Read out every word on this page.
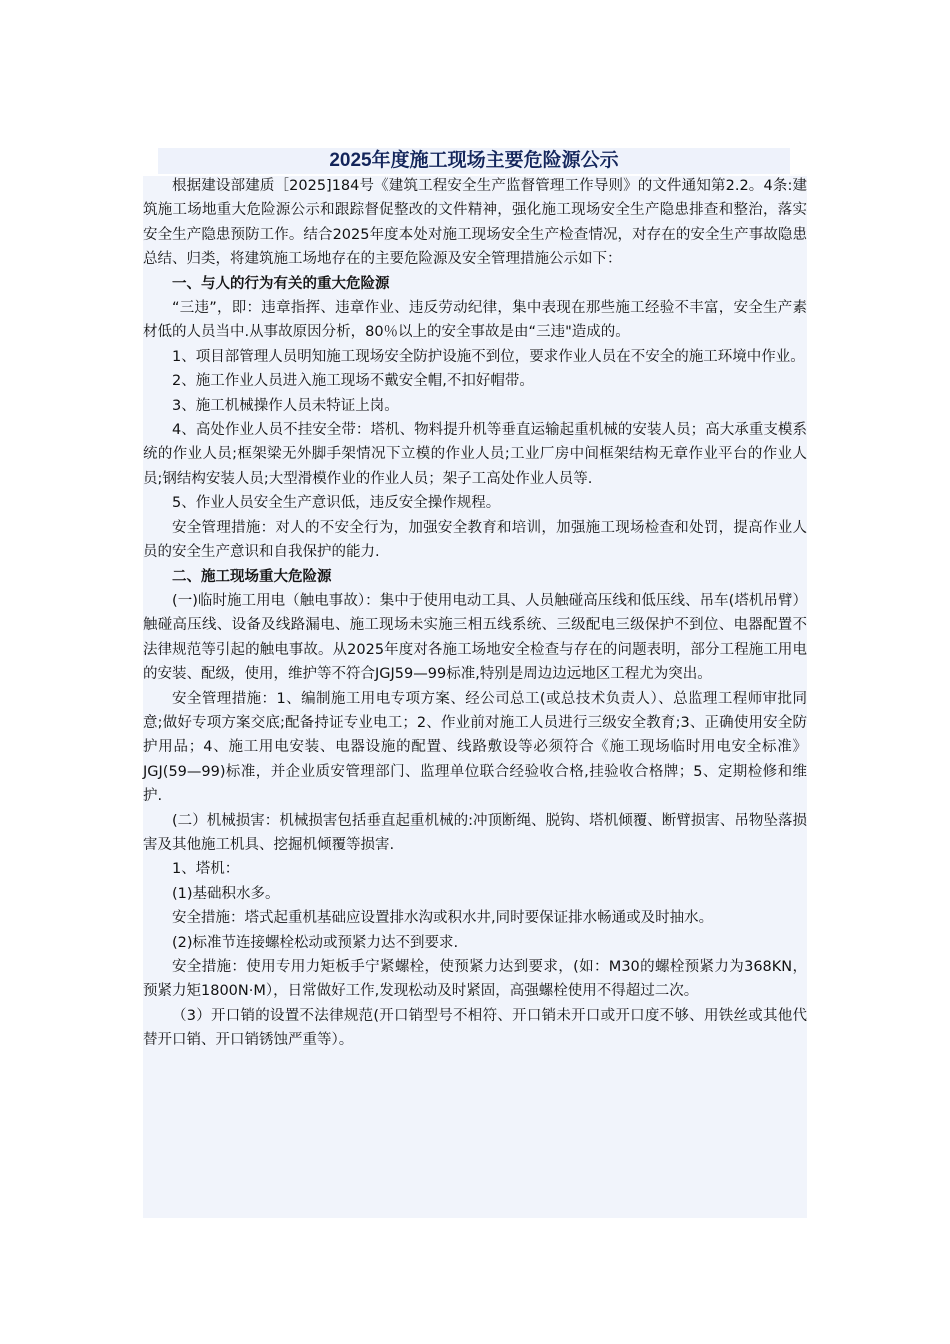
2025年度施工现场主要危险源公示

根据建设部建质［2025]184号《建筑工程安全生产监督管理工作导则》的文件通知第2.2。4条:建筑施工场地重大危险源公示和跟踪督促整改的文件精神，强化施工现场安全生产隐患排查和整治，落实安全生产隐患预防工作。结合2025年度本处对施工现场安全生产检查情况，对存在的安全生产事故隐患总结、归类，将建筑施工场地存在的主要危险源及安全管理措施公示如下：

一、与人的行为有关的重大危险源

“三违”，即：违章指挥、违章作业、违反劳动纪律，集中表现在那些施工经验不丰富，安全生产素材低的人员当中.从事故原因分析，80％以上的安全事故是由“三违"造成的。

1、项目部管理人员明知施工现场安全防护设施不到位，要求作业人员在不安全的施工环境中作业。

2、施工作业人员进入施工现场不戴安全帽,不扣好帽带。

3、施工机械操作人员未特证上岗。

4、高处作业人员不挂安全带：塔机、物料提升机等垂直运输起重机械的安装人员；高大承重支模系统的作业人员;框架梁无外脚手架情况下立模的作业人员;工业厂房中间框架结构无章作业平台的作业人员;钢结构安装人员;大型滑模作业的作业人员；架子工高处作业人员等.

5、作业人员安全生产意识低，违反安全操作规程。

安全管理措施：对人的不安全行为，加强安全教育和培训，加强施工现场检查和处罚，提高作业人员的安全生产意识和自我保护的能力.

二、施工现场重大危险源

(一)临时施工用电（触电事故）：集中于使用电动工具、人员触碰高压线和低压线、吊车(塔机吊臂）触碰高压线、设备及线路漏电、施工现场未实施三相五线系统、三级配电三级保护不到位、电器配置不法律规范等引起的触电事故。从2025年度对各施工场地安全检查与存在的问题表明，部分工程施工用电的安装、配级，使用，维护等不符合JGJ59—99标准,特别是周边边远地区工程尤为突出。

安全管理措施：1、编制施工用电专项方案、经公司总工(或总技术负责人）、总监理工程师审批同意;做好专项方案交底;配备持证专业电工；2、作业前对施工人员进行三级安全教育;3、正确使用安全防护用品；4、施工用电安装、电器设施的配置、线路敷设等必须符合《施工现场临时用电安全标准》JGJ(59—99)标准，并企业质安管理部门、监理单位联合经验收合格,挂验收合格牌；5、定期检修和维护.

(二）机械损害：机械损害包括垂直起重机械的:冲顶断绳、脱钩、塔机倾覆、断臂损害、吊物坠落损害及其他施工机具、挖掘机倾覆等损害.

1、塔机：

(1)基础积水多。

安全措施：塔式起重机基础应设置排水沟或积水井,同时要保证排水畅通或及时抽水。

(2)标准节连接螺栓松动或预紧力达不到要求.

安全措施：使用专用力矩板手宁紧螺栓，使预紧力达到要求，(如：M30的螺栓预紧力为368KN，预紧力矩1800N·M），日常做好工作,发现松动及时紧固，高强螺栓使用不得超过二次。

（3）开口销的设置不法律规范(开口销型号不相符、开口销未开口或开口度不够、用铁丝或其他代替开口销、开口销锈蚀严重等）。
